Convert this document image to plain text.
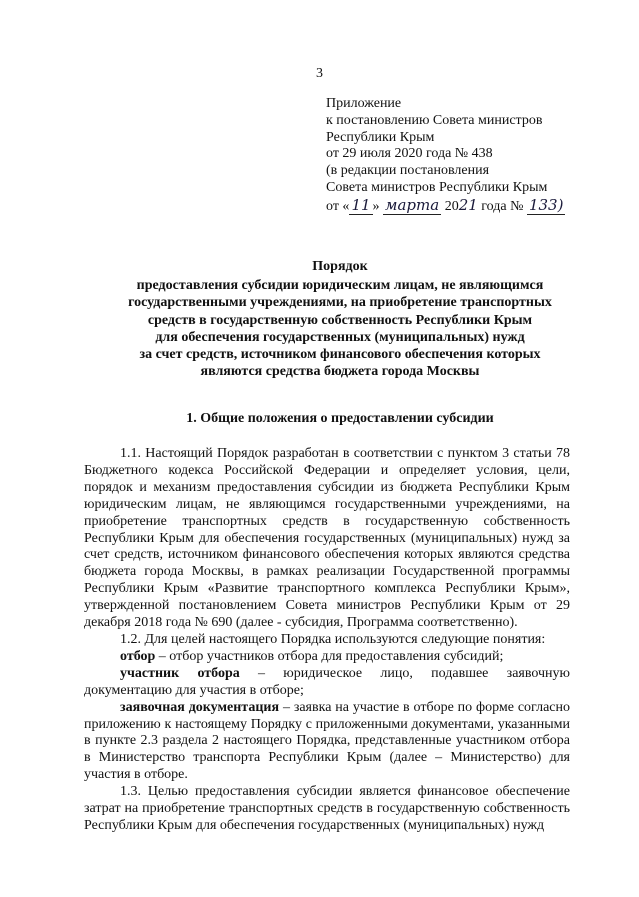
3
Приложение
к постановлению Совета министров
Республики Крым
от 29 июля 2020 года № 438
(в редакции постановления
Совета министров Республики Крым
от « 11 » марта 2021 года № 133)
Порядок
предоставления субсидии юридическим лицам, не являющимся
государственными учреждениями, на приобретение транспортных
средств в государственную собственность Республики Крым
для обеспечения государственных (муниципальных) нужд
за счет средств, источником финансового обеспечения которых
являются средства бюджета города Москвы
1. Общие положения о предоставлении субсидии

1.1. Настоящий Порядок разработан в соответствии с пунктом 3 статьи 78 Бюджетного кодекса Российской Федерации и определяет условия, цели, порядок и механизм предоставления субсидии из бюджета Республики Крым юридическим лицам, не являющимся государственными учреждениями, на приобретение транспортных средств в государственную собственность Республики Крым для обеспечения государственных (муниципальных) нужд за счет средств, источником финансового обеспечения которых являются средства бюджета города Москвы, в рамках реализации Государственной программы Республики Крым «Развитие транспортного комплекса Республики Крым», утвержденной постановлением Совета министров Республики Крым от 29 декабря 2018 года № 690 (далее - субсидия, Программа соответственно).

1.2. Для целей настоящего Порядка используются следующие понятия:

отбор – отбор участников отбора для предоставления субсидий;

участник отбора – юридическое лицо, подавшее заявочную документацию для участия в отборе;

заявочная документация – заявка на участие в отборе по форме согласно приложению к настоящему Порядку с приложенными документами, указанными в пункте 2.3 раздела 2 настоящего Порядка, представленные участником отбора в Министерство транспорта Республики Крым (далее – Министерство) для участия в отборе.

1.3. Целью предоставления субсидии является финансовое обеспечение затрат на приобретение транспортных средств в государственную собственность Республики Крым для обеспечения государственных (муниципальных) нужд
